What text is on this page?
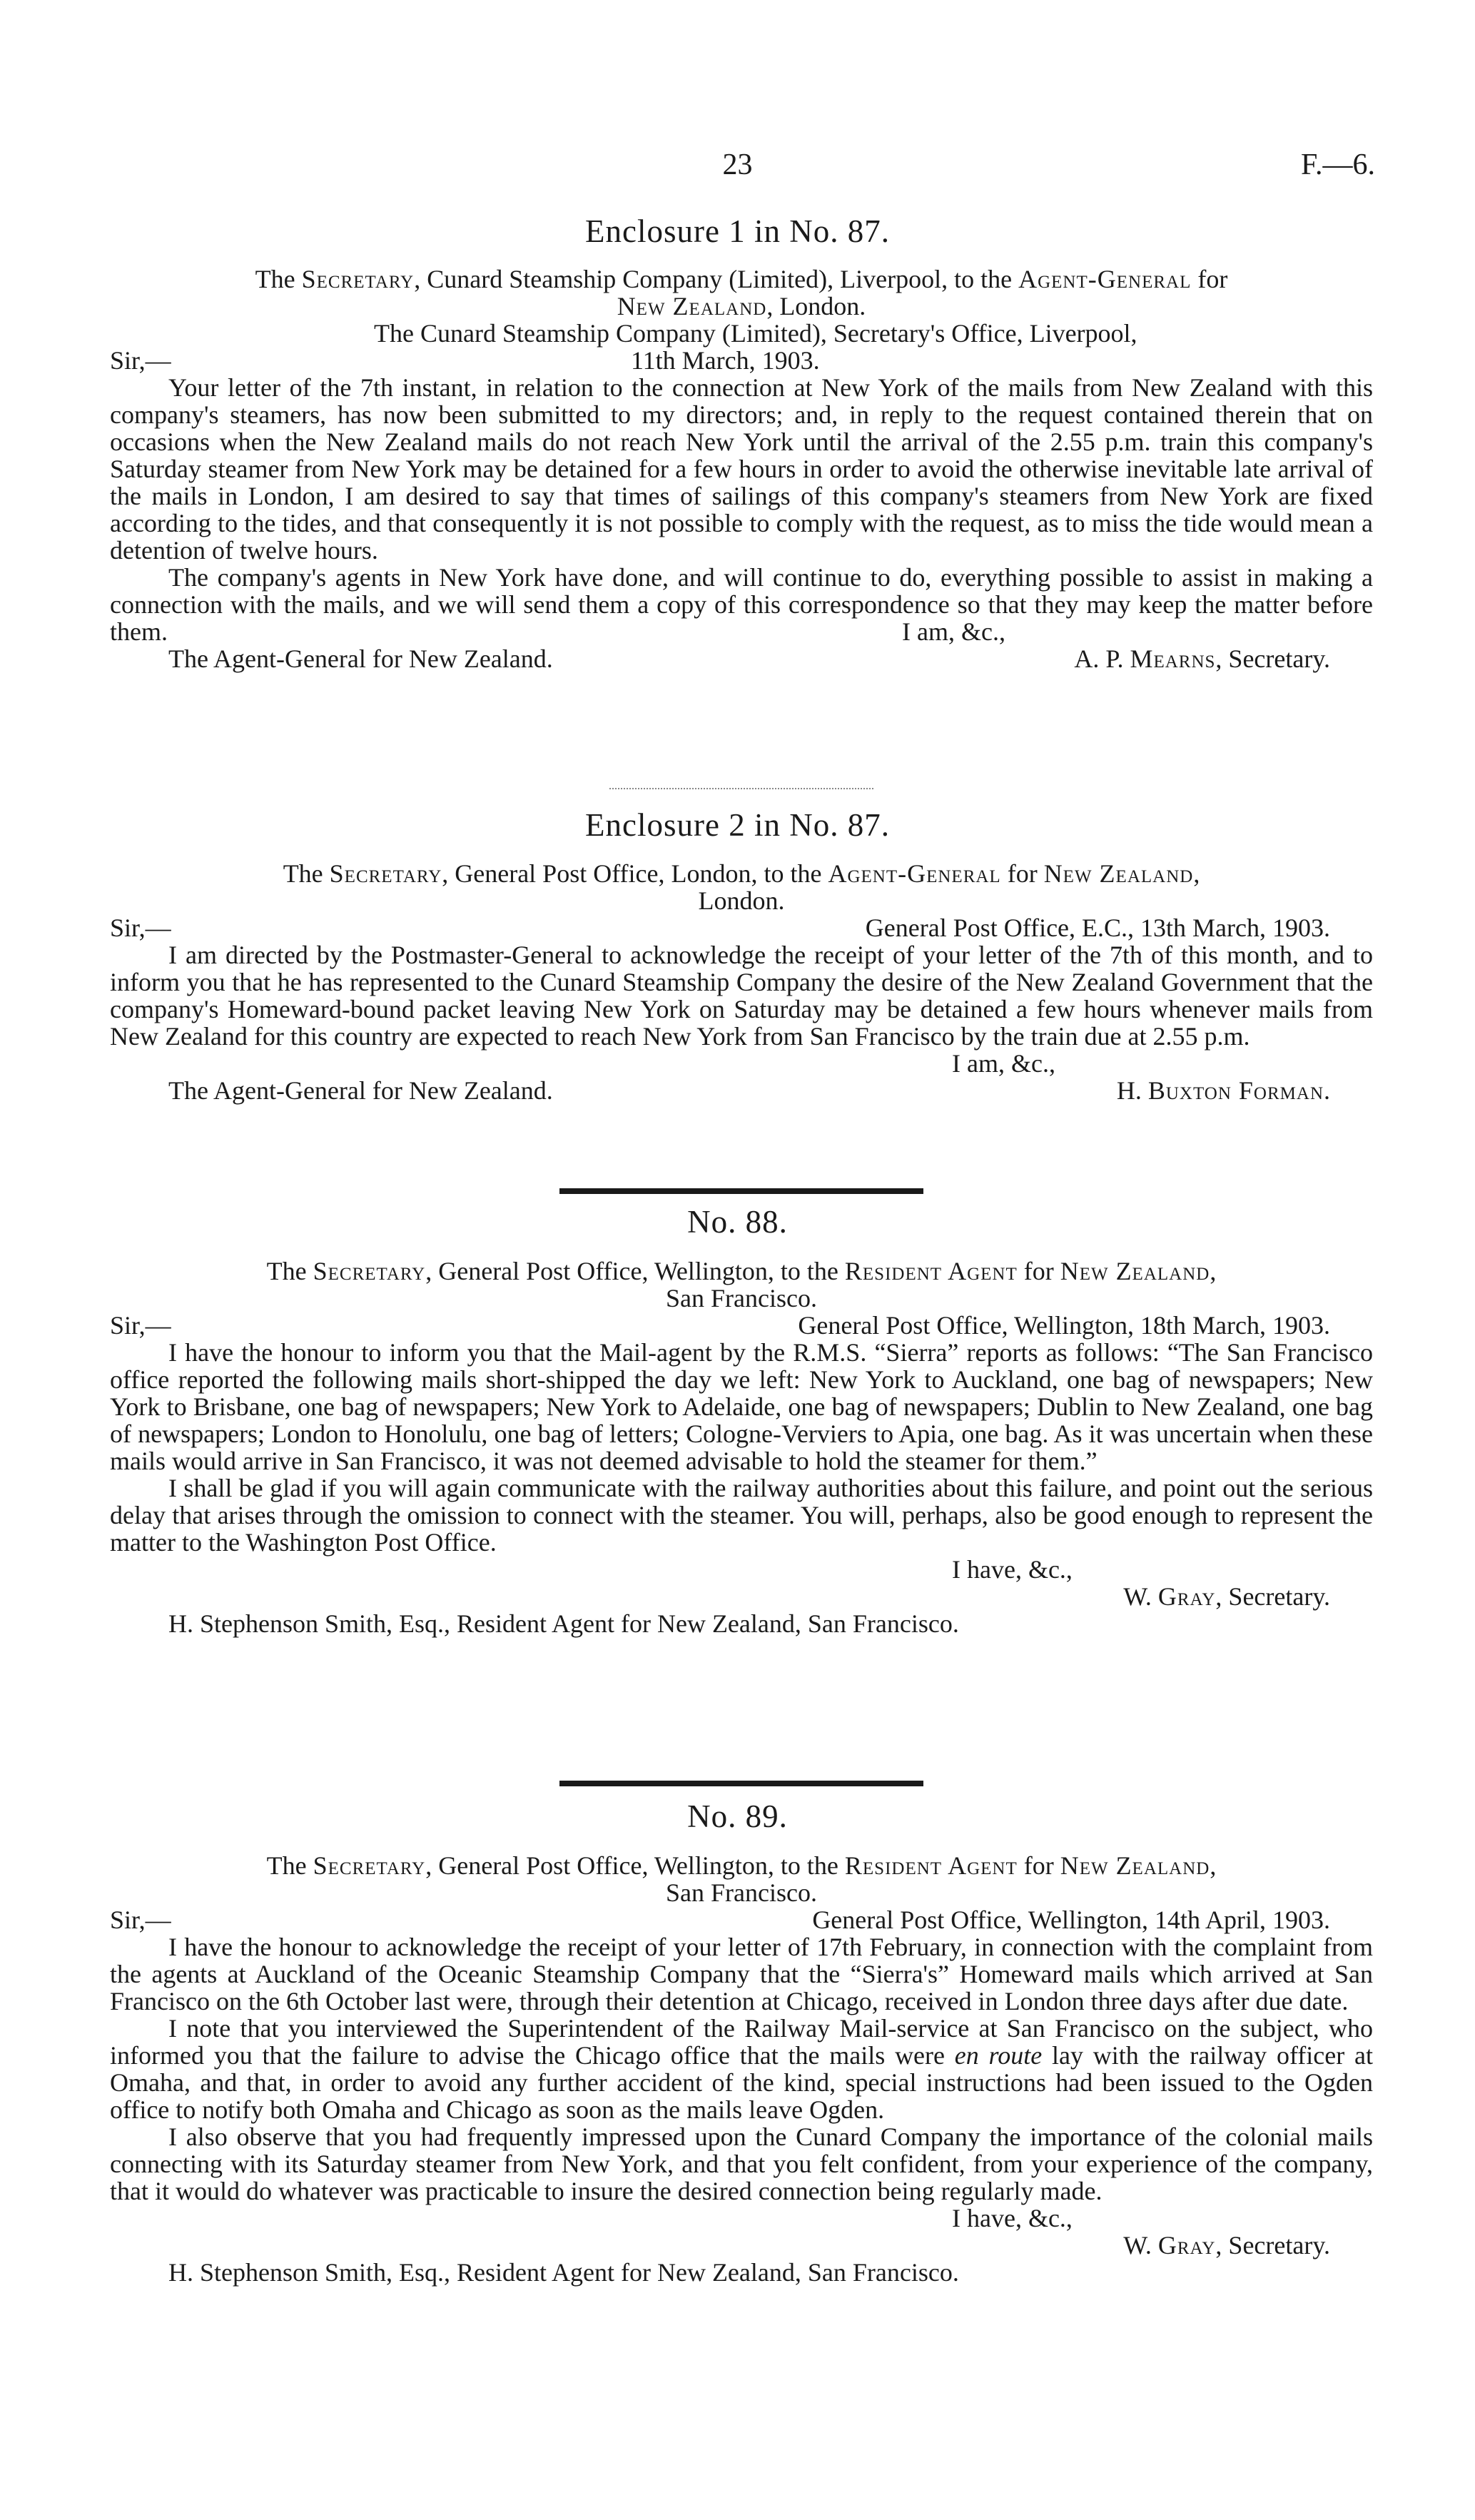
23	F.—6.
Enclosure 1 in No. 87.

The Secretary, Cunard Steamship Company (Limited), Liverpool, to the Agent-General for

New Zealand, London.

The Cunard Steamship Company (Limited), Secretary's Office, Liverpool,

Sir,—	11th March, 1903.

Your letter of the 7th instant, in relation to the connection at New York of the mails from New Zealand with this company's steamers, has now been submitted to my directors; and, in reply to the request contained therein that on occasions when the New Zealand mails do not reach New York until the arrival of the 2.55 p.m. train this company's Saturday steamer from New York may be detained for a few hours in order to avoid the otherwise inevitable late arrival of the mails in London, I am desired to say that times of sailings of this company's steamers from New York are fixed according to the tides, and that consequently it is not possible to comply with the request, as to miss the tide would mean a detention of twelve hours.

The company's agents in New York have done, and will continue to do, everything possible to assist in making a connection with the mails, and we will send them a copy of this correspondence so that they may keep the matter before them.	I am, &c.,
The Agent-General for New Zealand.	A. P. Mearns, Secretary.
Enclosure 2 in No. 87.

The Secretary, General Post Office, London, to the Agent-General for New Zealand,

London.

Sir,—	General Post Office, E.C., 13th March, 1903.

I am directed by the Postmaster-General to acknowledge the receipt of your letter of the 7th of this month, and to inform you that he has represented to the Cunard Steamship Company the desire of the New Zealand Government that the company's Homeward-bound packet leaving New York on Saturday may be detained a few hours whenever mails from New Zealand for this country are expected to reach New York from San Francisco by the train due at 2.55 p.m.

I am, &c.,
The Agent-General for New Zealand.	H. Buxton Forman.
No. 88.

The Secretary, General Post Office, Wellington, to the Resident Agent for New Zealand,

San Francisco.

Sir,—	General Post Office, Wellington, 18th March, 1903.

I have the honour to inform you that the Mail-agent by the R.M.S. “Sierra” reports as follows: “The San Francisco office reported the following mails short-shipped the day we left: New York to Auckland, one bag of newspapers; New York to Brisbane, one bag of newspapers; New York to Adelaide, one bag of newspapers; Dublin to New Zealand, one bag of newspapers; London to Honolulu, one bag of letters; Cologne-Verviers to Apia, one bag. As it was uncertain when these mails would arrive in San Francisco, it was not deemed advisable to hold the steamer for them.”

I shall be glad if you will again communicate with the railway authorities about this failure, and point out the serious delay that arises through the omission to connect with the steamer. You will, perhaps, also be good enough to represent the matter to the Washington Post Office.

I have, &c.,

W. Gray, Secretary.

H. Stephenson Smith, Esq., Resident Agent for New Zealand, San Francisco.

No. 89.

The Secretary, General Post Office, Wellington, to the Resident Agent for New Zealand,

San Francisco.

Sir,—	General Post Office, Wellington, 14th April, 1903.

I have the honour to acknowledge the receipt of your letter of 17th February, in connection with the complaint from the agents at Auckland of the Oceanic Steamship Company that the “Sierra's” Homeward mails which arrived at San Francisco on the 6th October last were, through their detention at Chicago, received in London three days after due date.

I note that you interviewed the Superintendent of the Railway Mail-service at San Francisco on the subject, who informed you that the failure to advise the Chicago office that the mails were en route lay with the railway officer at Omaha, and that, in order to avoid any further accident of the kind, special instructions had been issued to the Ogden office to notify both Omaha and Chicago as soon as the mails leave Ogden.

I also observe that you had frequently impressed upon the Cunard Company the importance of the colonial mails connecting with its Saturday steamer from New York, and that you felt confident, from your experience of the company, that it would do whatever was practicable to insure the desired connection being regularly made.

I have, &c.,

W. Gray, Secretary.

H. Stephenson Smith, Esq., Resident Agent for New Zealand, San Francisco.
